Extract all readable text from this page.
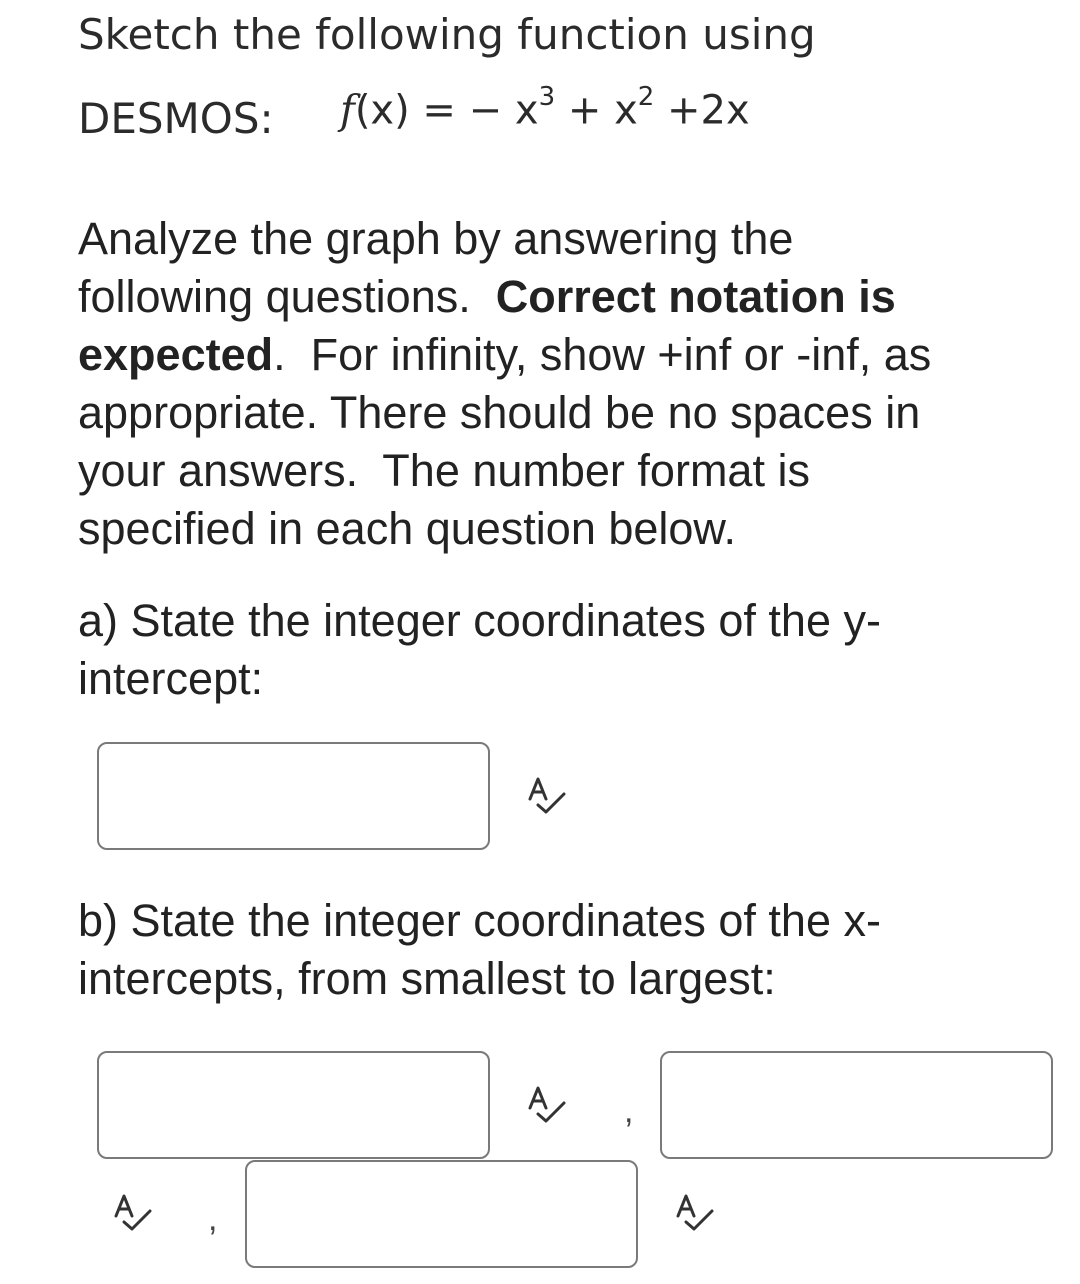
Sketch the following function using
DESMOS: f(x) = − $x^3 + x^2 +2x$
Analyze the graph by answering the
following questions.  Correct notation is
expected.  For infinity, show +inf or -inf, as
appropriate. There should be no spaces in
your answers.  The number format is
specified in each question below.
a) State the integer coordinates of the y-
intercept:
b) State the integer coordinates of the x-
intercepts, from smallest to largest:
,
,
